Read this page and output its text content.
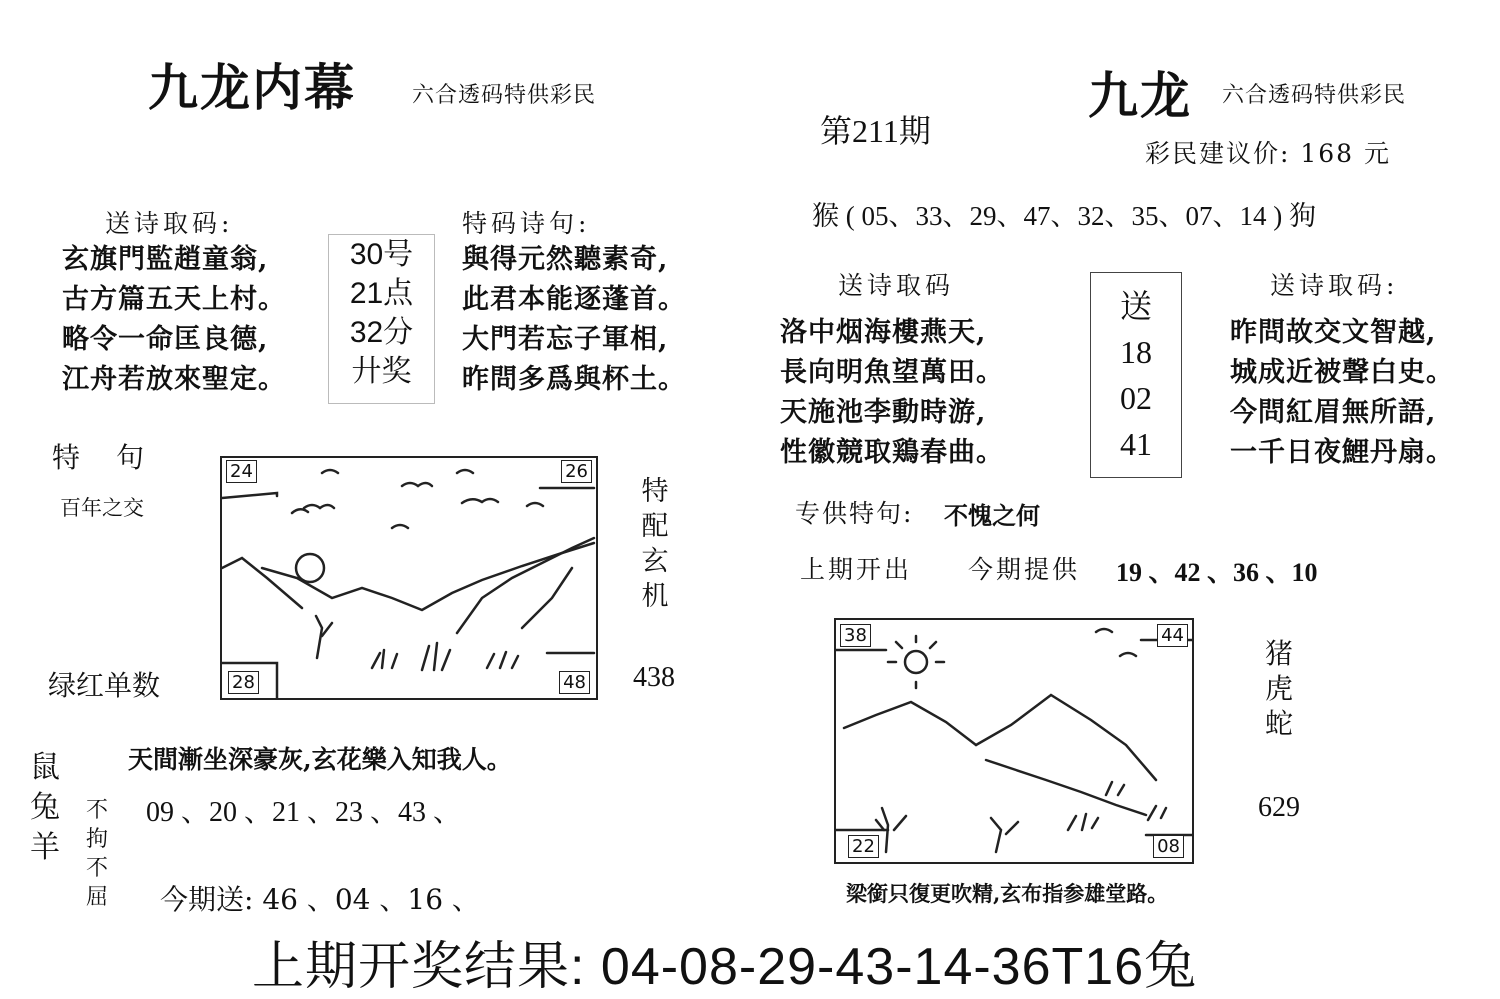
九龙内幕	六合透码特供彩民
送诗取码:
玄旗門監趙童翁,
古方篇五天上村。
略令一命匡良德,
江舟若放來聖定。
30号
21点
32分
廾奖
特码诗句:
與得元然聽素奇,
此君本能逐蓬首。
大門若忘子軍相,
昨問多爲與杯土。
特　句
百年之交
绿红单数
24	26
28	48
特配玄机
438
鼠兔羊
不拘不屈
天間漸坐深豪灰,玄花樂入知我人。
09 、20 、21 、23 、43 、
今期送: 46 、04 、16 、
第211期
九龙 六合透码特供彩民
彩民建议价: 168 元
猴 ( 05、33、29、47、32、35、07、14 ) 狗
送诗取码
洛中烟海樓燕天,
長向明魚望萬田。
天施池李動時游,
性徽競取鶏春曲。
送
18
02
41
送诗取码:
昨問故交文智越,
城成近被聲白史。
今問紅眉無所語,
一千日夜鯉丹扇。
专供特句: 不愧之何
上期开出 今期提供 19 、42 、36 、10
38	44
22	08
猪虎蛇
629
梁銜只復更吹精,玄布指参雄堂路。
上期开奖结果: 04-08-29-43-14-36T16兔
